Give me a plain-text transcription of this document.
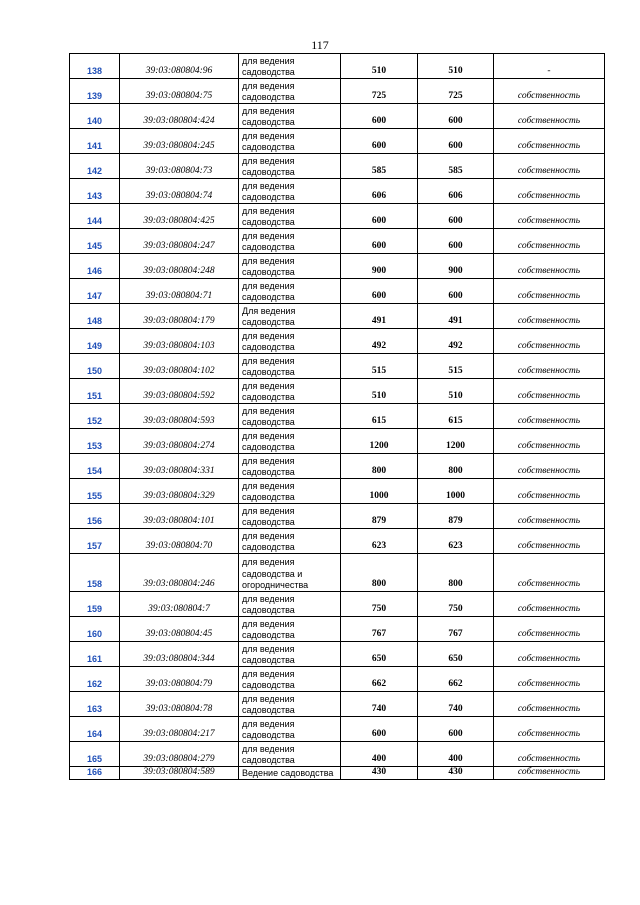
117
138	39:03:080804:96	для ведения садоводства	510	510	-
139	39:03:080804:75	для ведения садоводства	725	725	собственность
140	39:03:080804:424	для ведения садоводства	600	600	собственность
141	39:03:080804:245	для ведения садоводства	600	600	собственность
142	39:03:080804:73	для ведения садоводства	585	585	собственность
143	39:03:080804:74	для ведения садоводства	606	606	собственность
144	39:03:080804:425	для ведения садоводства	600	600	собственность
145	39:03:080804:247	для ведения садоводства	600	600	собственность
146	39:03:080804:248	для ведения садоводства	900	900	собственность
147	39:03:080804:71	для ведения садоводства	600	600	собственность
148	39:03:080804:179	Для ведения садоводства	491	491	собственность
149	39:03:080804:103	для ведения садоводства	492	492	собственность
150	39:03:080804:102	для ведения садоводства	515	515	собственность
151	39:03:080804:592	для ведения садоводства	510	510	собственность
152	39:03:080804:593	для ведения садоводства	615	615	собственность
153	39:03:080804:274	для ведения садоводства	1200	1200	собственность
154	39:03:080804:331	для ведения садоводства	800	800	собственность
155	39:03:080804:329	для ведения садоводства	1000	1000	собственность
156	39:03:080804:101	для ведения садоводства	879	879	собственность
157	39:03:080804:70	для ведения садоводства	623	623	собственность
158	39:03:080804:246	для ведения садоводства и огородничества	800	800	собственность
159	39:03:080804:7	для ведения садоводства	750	750	собственность
160	39:03:080804:45	для ведения садоводства	767	767	собственность
161	39:03:080804:344	для ведения садоводства	650	650	собственность
162	39:03:080804:79	для ведения садоводства	662	662	собственность
163	39:03:080804:78	для ведения садоводства	740	740	собственность
164	39:03:080804:217	для ведения садоводства	600	600	собственность
165	39:03:080804:279	для ведения садоводства	400	400	собственность
166	39:03:080804:589	Ведение садоводства	430	430	собственность
